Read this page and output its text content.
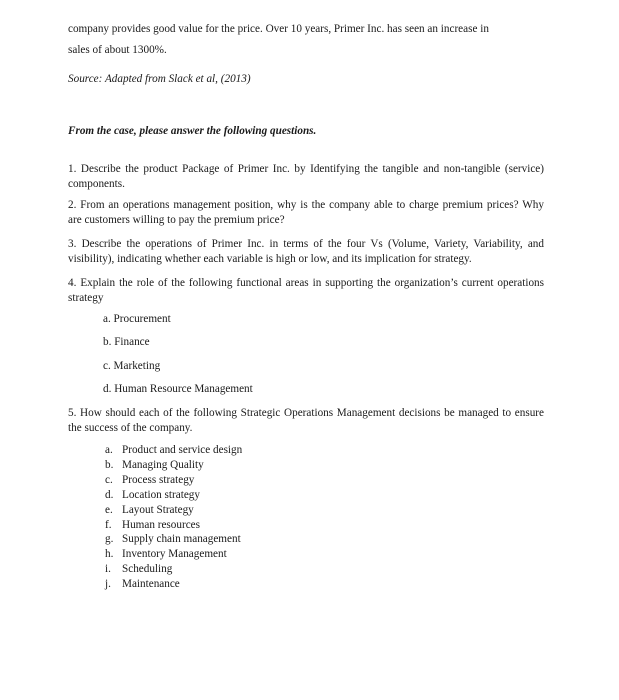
company provides good value for the price. Over 10 years, Primer Inc. has seen an increase in

sales of about 1300%.

Source: Adapted from Slack et al, (2013)

From the case, please answer the following questions.

1. Describe the product Package of Primer Inc. by Identifying the tangible and non-tangible (service) components.

2. From an operations management position, why is the company able to charge premium prices? Why are customers willing to pay the premium price?

3. Describe the operations of Primer Inc. in terms of the four Vs (Volume, Variety, Variability, and visibility), indicating whether each variable is high or low, and its implication for strategy.

4. Explain the role of the following functional areas in supporting the organization’s current operations strategy

a. Procurement

b. Finance

c. Marketing

d. Human Resource Management

5. How should each of the following Strategic Operations Management decisions be managed to ensure the success of the company.

a. Product and service design
b. Managing Quality
c. Process strategy
d. Location strategy
e. Layout Strategy
f. Human resources
g. Supply chain management
h. Inventory Management
i. Scheduling
j. Maintenance
